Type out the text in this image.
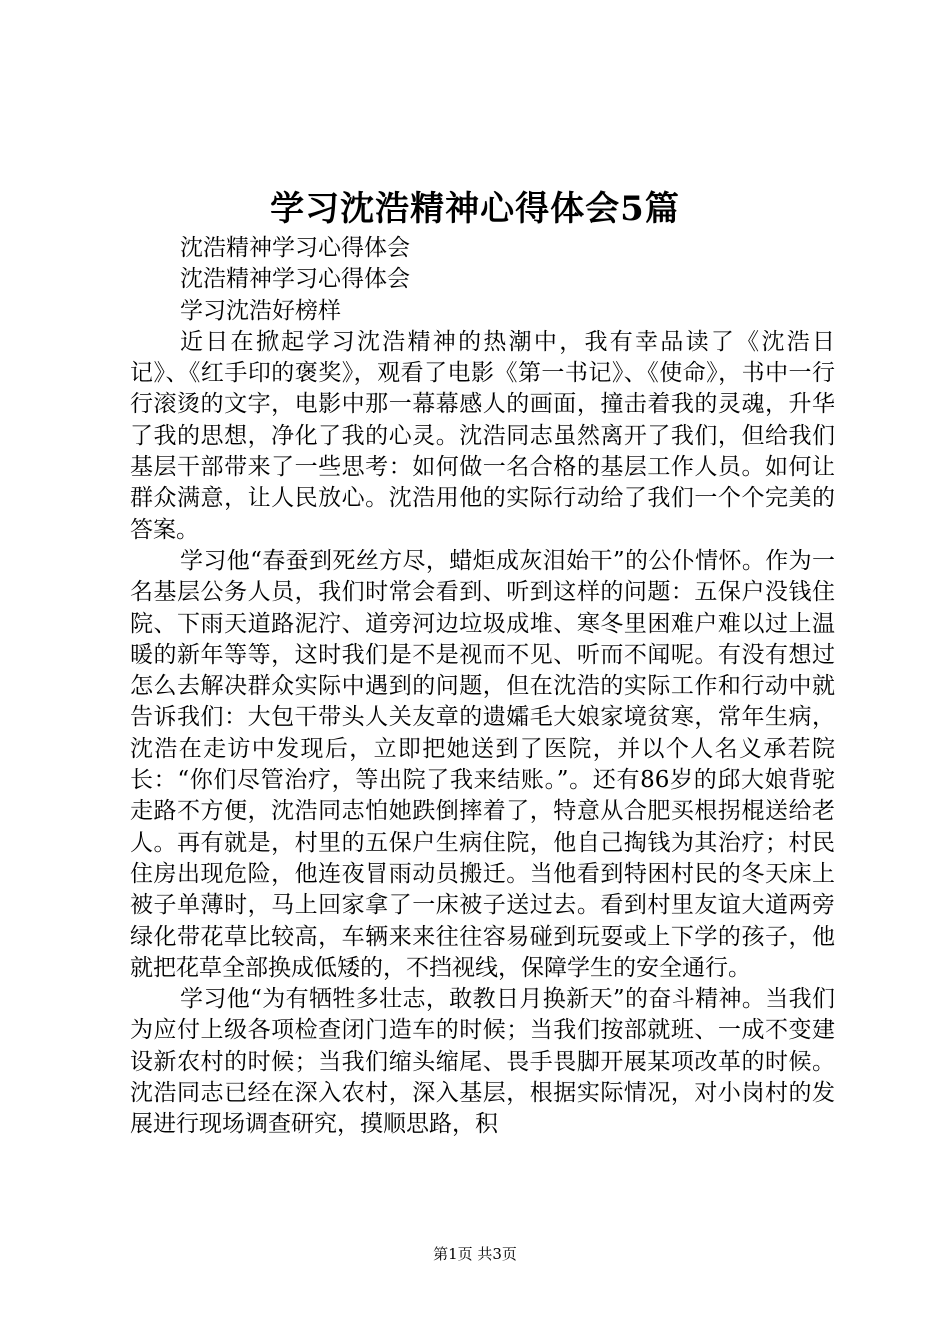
学习沈浩精神心得体会5篇

沈浩精神学习心得体会

沈浩精神学习心得体会

学习沈浩好榜样

近日在掀起学习沈浩精神的热潮中，我有幸品读了《沈浩日记》、《红手印的褒奖》，观看了电影《第一书记》、《使命》，书中一行行滚烫的文字，电影中那一幕幕感人的画面，撞击着我的灵魂，升华了我的思想，净化了我的心灵。沈浩同志虽然离开了我们，但给我们基层干部带来了一些思考：如何做一名合格的基层工作人员。如何让群众满意，让人民放心。沈浩用他的实际行动给了我们一个个完美的答案。

学习他“春蚕到死丝方尽，蜡炬成灰泪始干”的公仆情怀。作为一名基层公务人员，我们时常会看到、听到这样的问题：五保户没钱住院、下雨天道路泥泞、道旁河边垃圾成堆、寒冬里困难户难以过上温暖的新年等等，这时我们是不是视而不见、听而不闻呢。有没有想过怎么去解决群众实际中遇到的问题，但在沈浩的实际工作和行动中就告诉我们：大包干带头人关友章的遗孀毛大娘家境贫寒，常年生病，沈浩在走访中发现后，立即把她送到了医院，并以个人名义承若院长：“你们尽管治疗，等出院了我来结账。”。还有86岁的邱大娘背驼走路不方便，沈浩同志怕她跌倒摔着了，特意从合肥买根拐棍送给老人。再有就是，村里的五保户生病住院，他自己掏钱为其治疗；村民住房出现危险，他连夜冒雨动员搬迁。当他看到特困村民的冬天床上被子单薄时，马上回家拿了一床被子送过去。看到村里友谊大道两旁绿化带花草比较高，车辆来来往往容易碰到玩耍或上下学的孩子，他就把花草全部换成低矮的，不挡视线，保障学生的安全通行。

学习他“为有牺牲多壮志，敢教日月换新天”的奋斗精神。当我们为应付上级各项检查闭门造车的时候；当我们按部就班、一成不变建设新农村的时候；当我们缩头缩尾、畏手畏脚开展某项改革的时候。沈浩同志已经在深入农村，深入基层，根据实际情况，对小岗村的发展进行现场调查研究，摸顺思路，积

第1页 共3页
